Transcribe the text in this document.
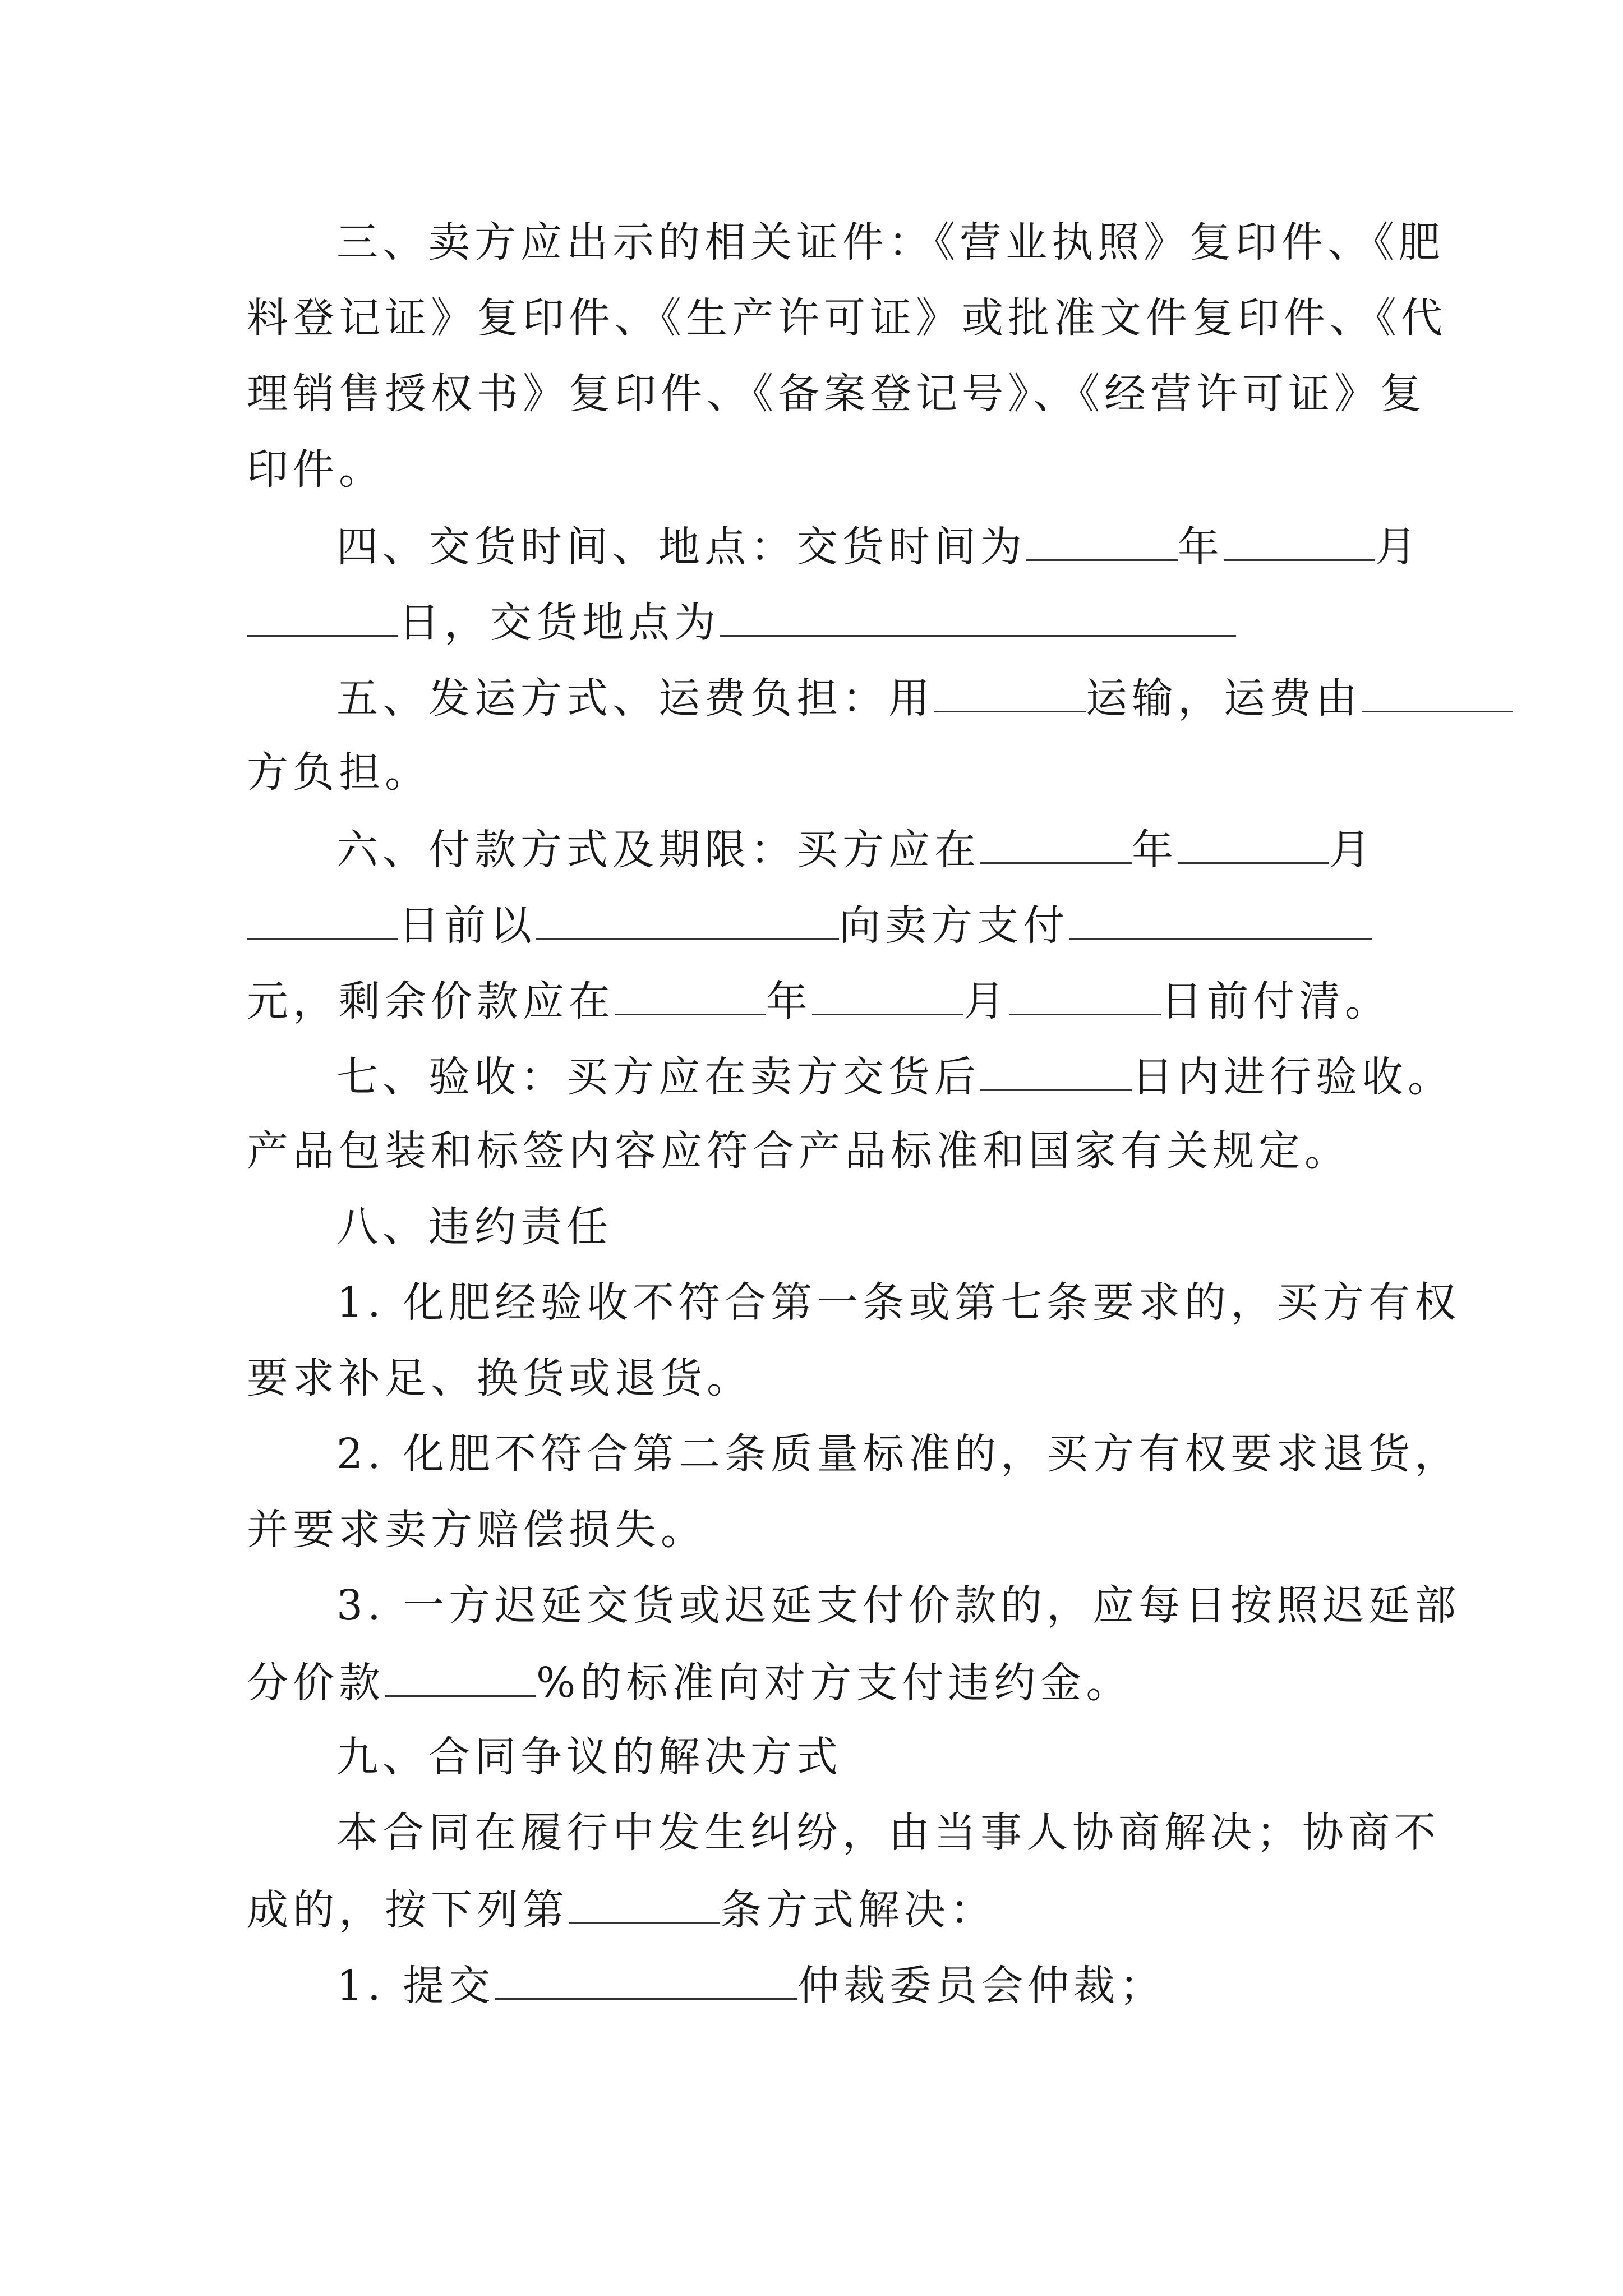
三、卖方应出示的相关证件：《营业执照》复印件、《肥
料登记证》复印件、《生产许可证》或批准文件复印件、《代
理销售授权书》复印件、《备案登记号》、《经营许可证》复
印件。
四、交货时间、地点：交货时间为	年	月
日，交货地点为
五、发运方式、运费负担：用	运输，运费由
方负担。
六、付款方式及期限：买方应在	年	月
日前以	向卖方支付
元，剩余价款应在	年	月	日前付清。
七、验收：买方应在卖方交货后	日内进行验收。
产品包装和标签内容应符合产品标准和国家有关规定。
八、违约责任
1. 化肥经验收不符合第一条或第七条要求的，买方有权
要求补足、换货或退货。
2. 化肥不符合第二条质量标准的，买方有权要求退货，
并要求卖方赔偿损失。
3. 一方迟延交货或迟延支付价款的，应每日按照迟延部
分价款	%的标准向对方支付违约金。
九、合同争议的解决方式
本合同在履行中发生纠纷，由当事人协商解决；协商不
成的，按下列第	条方式解决：
1. 提交	仲裁委员会仲裁；
